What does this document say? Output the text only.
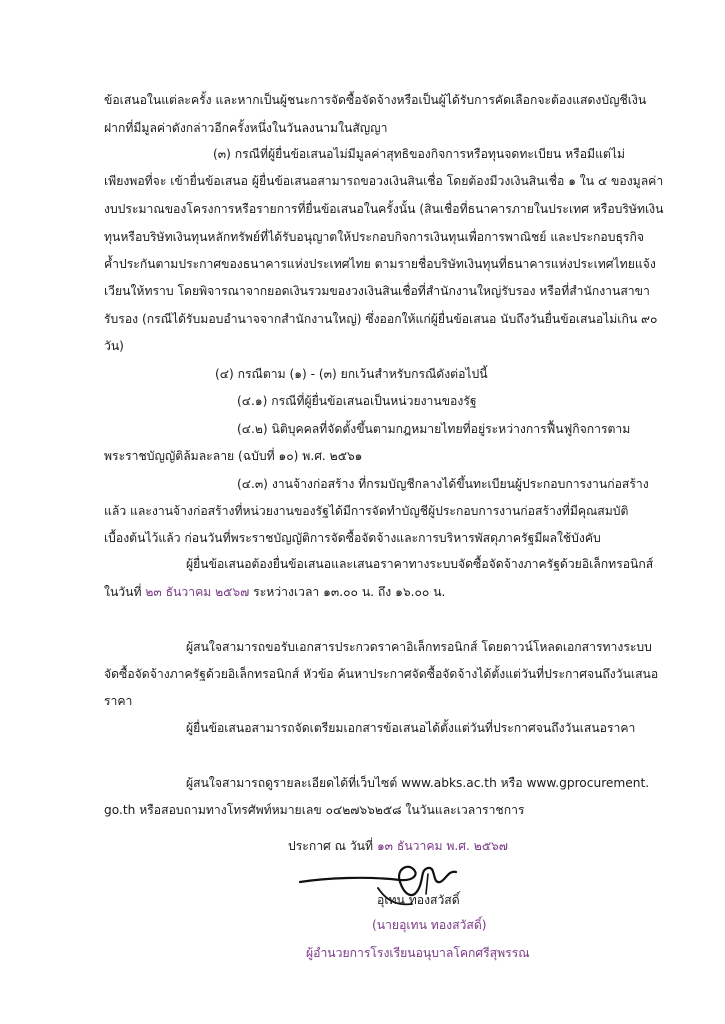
ข้อเสนอในแต่ละครั้ง และหากเป็นผู้ชนะการจัดซื้อจัดจ้างหรือเป็นผู้ได้รับการคัดเลือกจะต้องแสดงบัญชีเงิน
ฝากที่มีมูลค่าดังกล่าวอีกครั้งหนึ่งในวันลงนามในสัญญา
(๓) กรณีที่ผู้ยื่นข้อเสนอไม่มีมูลค่าสุทธิของกิจการหรือทุนจดทะเบียน หรือมีแต่ไม่
เพียงพอที่จะ เข้ายื่นข้อเสนอ ผู้ยื่นข้อเสนอสามารถขอวงเงินสินเชื่อ โดยต้องมีวงเงินสินเชื่อ ๑ ใน ๔ ของมูลค่า
งบประมาณของโครงการหรือรายการที่ยื่นข้อเสนอในครั้งนั้น (สินเชื่อที่ธนาคารภายในประเทศ หรือบริษัทเงิน
ทุนหรือบริษัทเงินทุนหลักทรัพย์ที่ได้รับอนุญาตให้ประกอบกิจการเงินทุนเพื่อการพาณิชย์ และประกอบธุรกิจ
ค้ำประกันตามประกาศของธนาคารแห่งประเทศไทย ตามรายชื่อบริษัทเงินทุนที่ธนาคารแห่งประเทศไทยแจ้ง
เวียนให้ทราบ โดยพิจารณาจากยอดเงินรวมของวงเงินสินเชื่อที่สำนักงานใหญ่รับรอง หรือที่สำนักงานสาขา
รับรอง (กรณีได้รับมอบอำนาจจากสำนักงานใหญ่) ซึ่งออกให้แก่ผู้ยื่นข้อเสนอ นับถึงวันยื่นข้อเสนอไม่เกิน ๙๐
วัน)
(๔) กรณีตาม (๑) - (๓) ยกเว้นสำหรับกรณีดังต่อไปนี้
(๔.๑) กรณีที่ผู้ยื่นข้อเสนอเป็นหน่วยงานของรัฐ
(๔.๒) นิติบุคคลที่จัดตั้งขึ้นตามกฎหมายไทยที่อยู่ระหว่างการฟื้นฟูกิจการตาม
พระราชบัญญัติล้มละลาย (ฉบับที่ ๑๐) พ.ศ. ๒๕๖๑
(๔.๓) งานจ้างก่อสร้าง ที่กรมบัญชีกลางได้ขึ้นทะเบียนผู้ประกอบการงานก่อสร้าง
แล้ว และงานจ้างก่อสร้างที่หน่วยงานของรัฐได้มีการจัดทำบัญชีผู้ประกอบการงานก่อสร้างที่มีคุณสมบัติ
เบื้องต้นไว้แล้ว ก่อนวันที่พระราชบัญญัติการจัดซื้อจัดจ้างและการบริหารพัสดุภาครัฐมีผลใช้บังคับ
ผู้ยื่นข้อเสนอต้องยื่นข้อเสนอและเสนอราคาทางระบบจัดซื้อจัดจ้างภาครัฐด้วยอิเล็กทรอนิกส์
ในวันที่ ๒๓ ธันวาคม ๒๕๖๗ ระหว่างเวลา ๑๓.๐๐ น. ถึง ๑๖.๐๐ น.
ผู้สนใจสามารถขอรับเอกสารประกวดราคาอิเล็กทรอนิกส์ โดยดาวน์โหลดเอกสารทางระบบ
จัดซื้อจัดจ้างภาครัฐด้วยอิเล็กทรอนิกส์ หัวข้อ ค้นหาประกาศจัดซื้อจัดจ้างได้ตั้งแต่วันที่ประกาศจนถึงวันเสนอ
ราคา
ผู้ยื่นข้อเสนอสามารถจัดเตรียมเอกสารข้อเสนอได้ตั้งแต่วันที่ประกาศจนถึงวันเสนอราคา
ผู้สนใจสามารถดูรายละเอียดได้ที่เว็บไซต์ www.abks.ac.th หรือ www.gprocurement.
go.th หรือสอบถามทางโทรศัพท์หมายเลข ๐๔๒๗๖๖๒๕๘ ในวันและเวลาราชการ
ประกาศ ณ วันที่ ๑๓ ธันวาคม พ.ศ. ๒๕๖๗
อุเทน ทองสวัสดิ์
(นายอุเทน ทองสวัสดิ์)
ผู้อำนวยการโรงเรียนอนุบาลโคกศรีสุพรรณ
